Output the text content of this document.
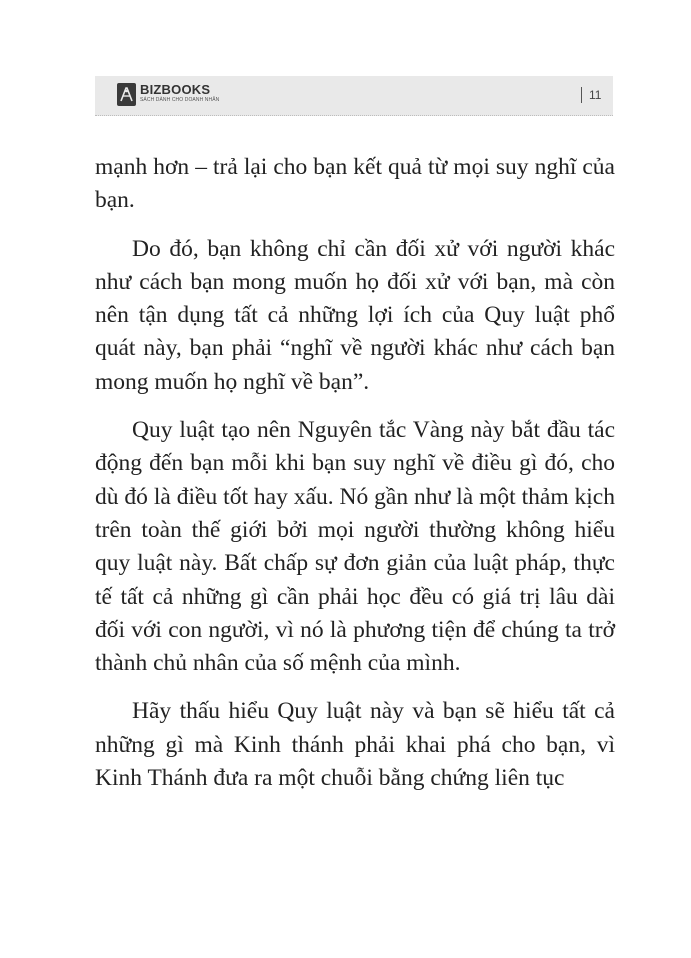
BIZBOOKS
SÁCH DÀNH CHO DOANH NHÂN	11

mạnh hơn – trả lại cho bạn kết quả từ mọi suy nghĩ của bạn.

Do đó, bạn không chỉ cần đối xử với người khác như cách bạn mong muốn họ đối xử với bạn, mà còn nên tận dụng tất cả những lợi ích của Quy luật phổ quát này, bạn phải “nghĩ về người khác như cách bạn mong muốn họ nghĩ về bạn”.

Quy luật tạo nên Nguyên tắc Vàng này bắt đầu tác động đến bạn mỗi khi bạn suy nghĩ về điều gì đó, cho dù đó là điều tốt hay xấu. Nó gần như là một thảm kịch trên toàn thế giới bởi mọi người thường không hiểu quy luật này. Bất chấp sự đơn giản của luật pháp, thực tế tất cả những gì cần phải học đều có giá trị lâu dài đối với con người, vì nó là phương tiện để chúng ta trở thành chủ nhân của số mệnh của mình.

Hãy thấu hiểu Quy luật này và bạn sẽ hiểu tất cả những gì mà Kinh thánh phải khai phá cho bạn, vì Kinh Thánh đưa ra một chuỗi bằng chứng liên tục
